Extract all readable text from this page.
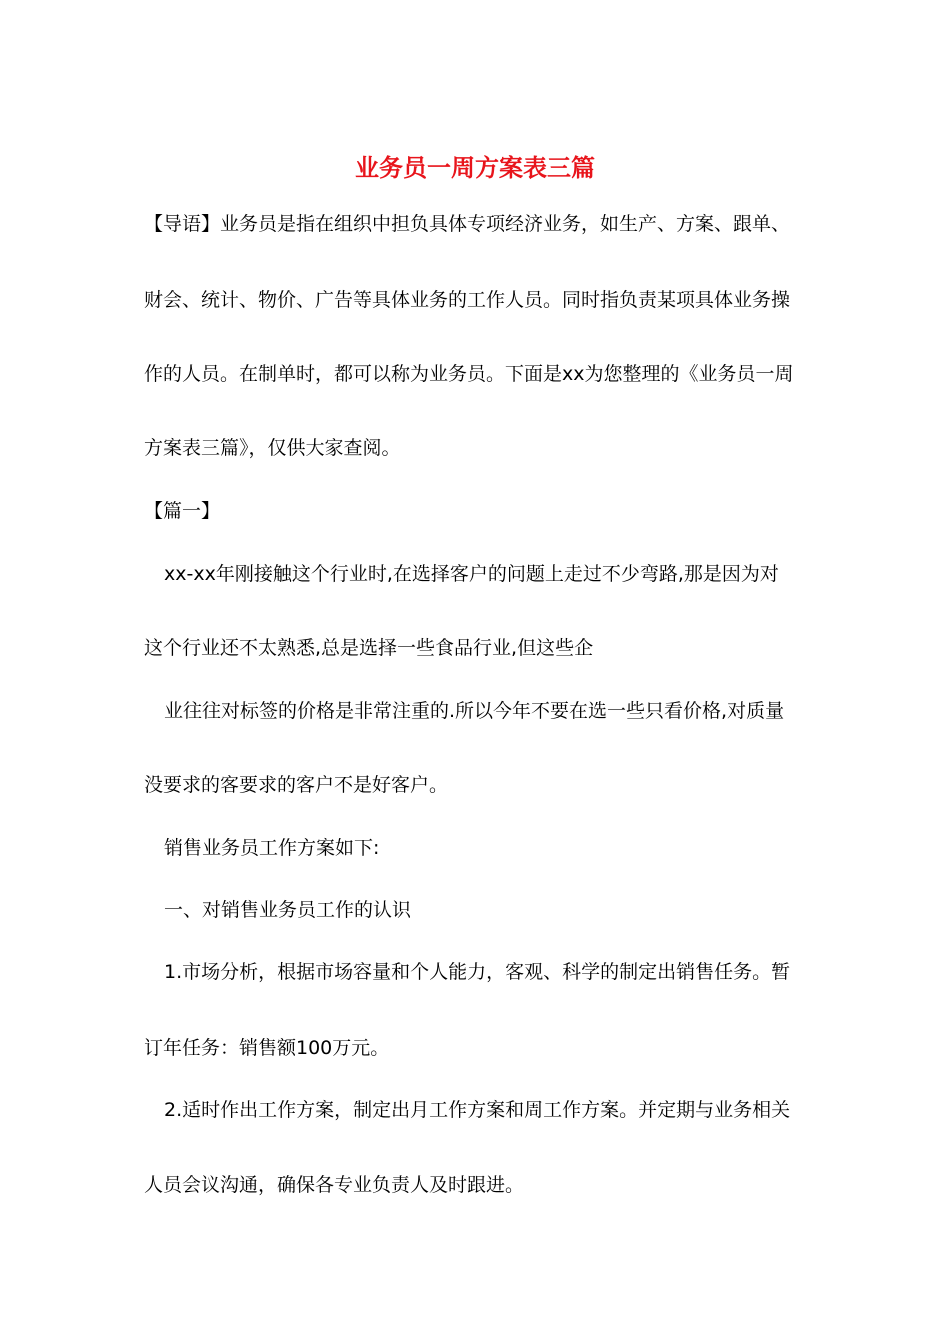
业务员一周方案表三篇
【导语】业务员是指在组织中担负具体专项经济业务，如生产、方案、跟单、
财会、统计、物价、广告等具体业务的工作人员。同时指负责某项具体业务操
作的人员。在制单时，都可以称为业务员。下面是xx为您整理的《业务员一周
方案表三篇》，仅供大家查阅。
【篇一】
xx-xx年刚接触这个行业时,在选择客户的问题上走过不少弯路,那是因为对
这个行业还不太熟悉,总是选择一些食品行业,但这些企
业往往对标签的价格是非常注重的.所以今年不要在选一些只看价格,对质量
没要求的客要求的客户不是好客户。
销售业务员工作方案如下:
一、对销售业务员工作的认识
1.市场分析，根据市场容量和个人能力，客观、科学的制定出销售任务。暂
订年任务：销售额100万元。
2.适时作出工作方案，制定出月工作方案和周工作方案。并定期与业务相关
人员会议沟通，确保各专业负责人及时跟进。
